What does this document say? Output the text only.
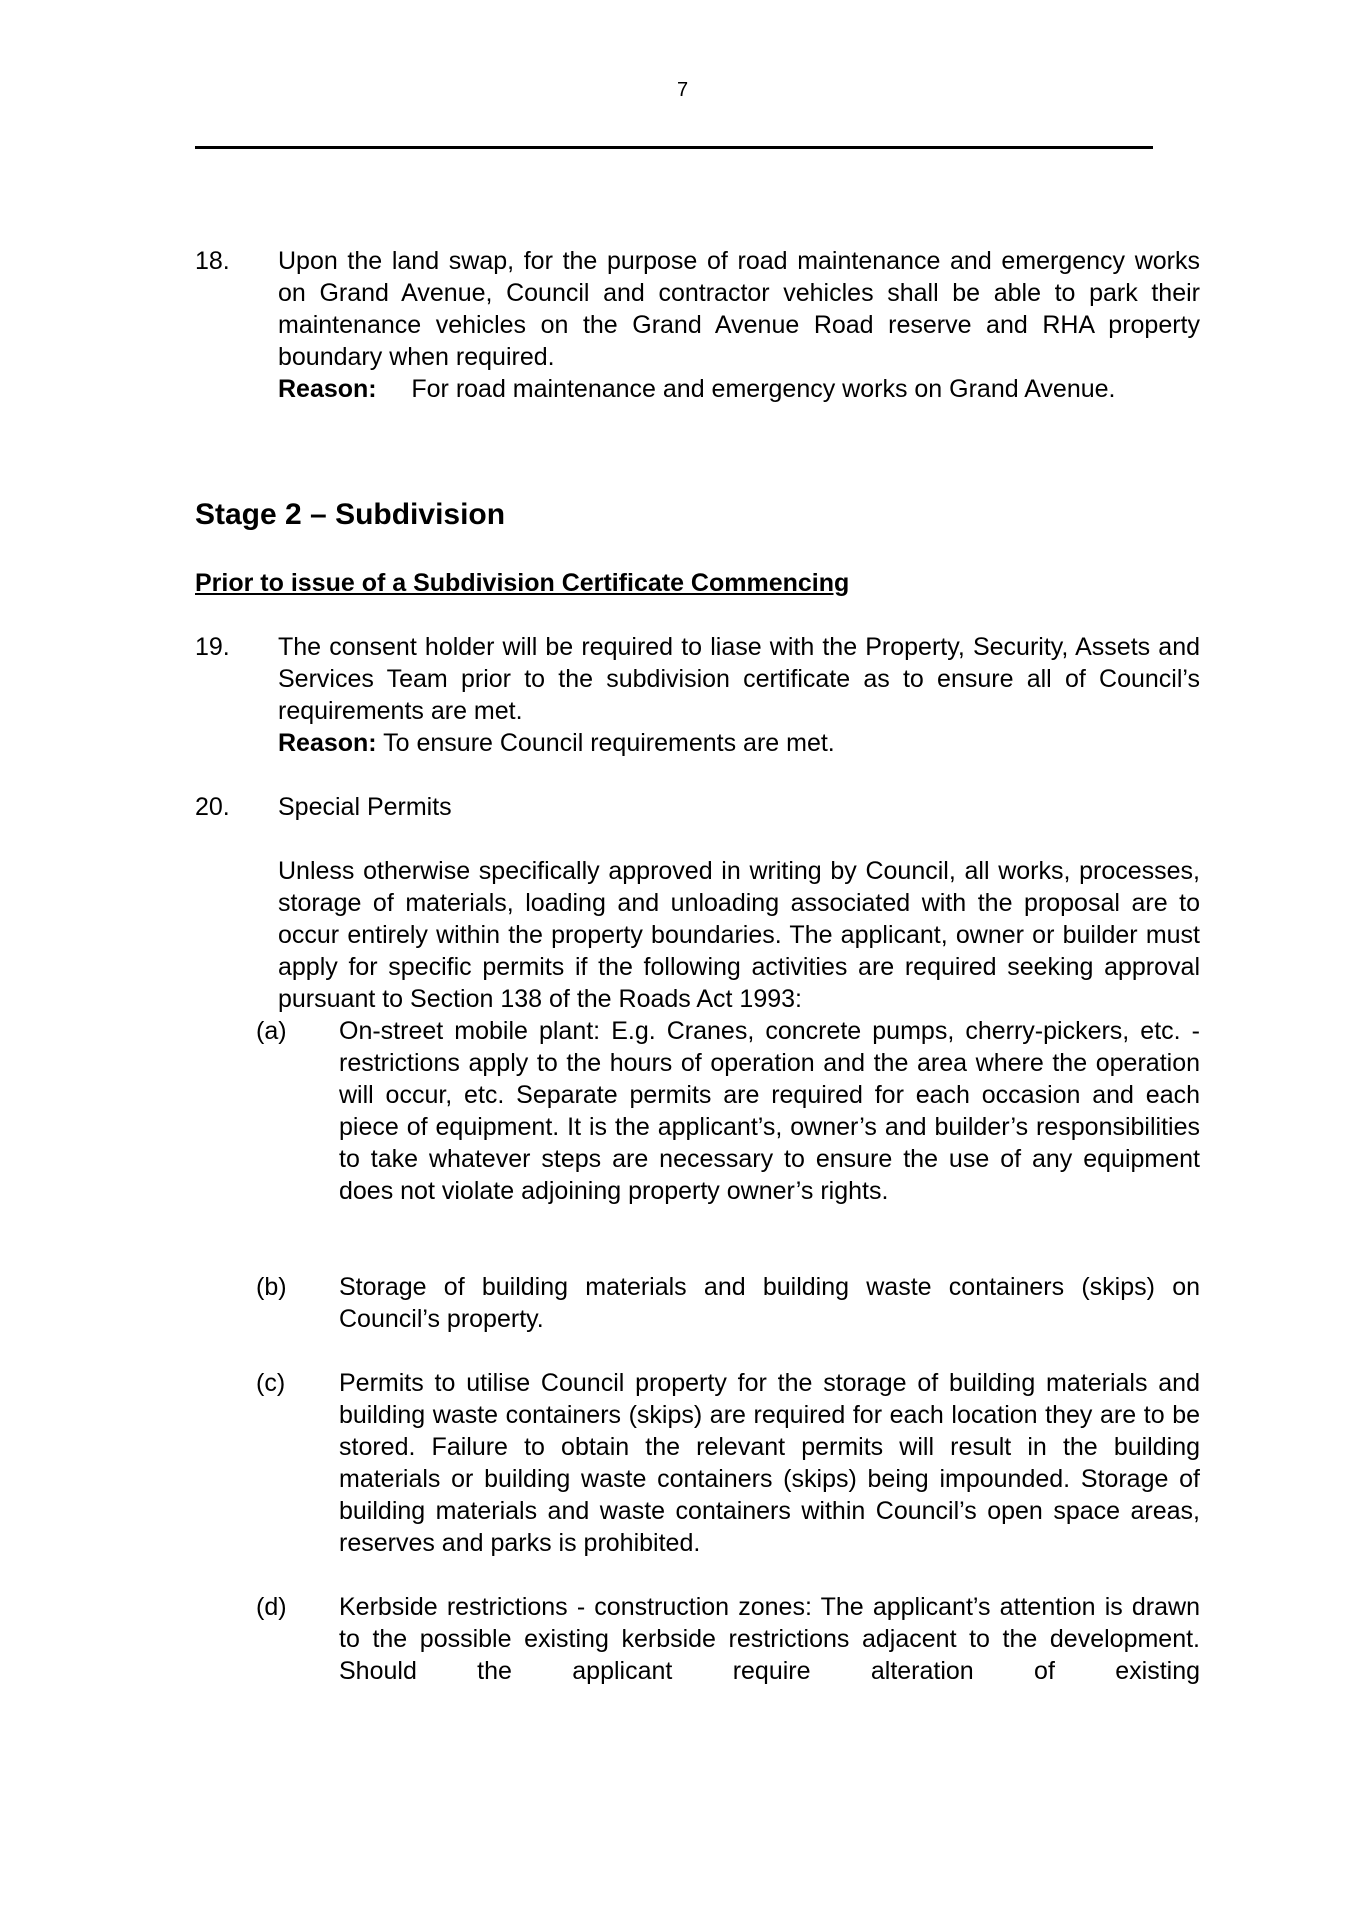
7
18.	Upon the land swap, for the purpose of road maintenance and emergency works on Grand Avenue, Council and contractor vehicles shall be able to park their maintenance vehicles on the Grand Avenue Road reserve and RHA property boundary when required.
Reason: For road maintenance and emergency works on Grand Avenue.
Stage 2 – Subdivision
Prior to issue of a Subdivision Certificate Commencing
19.	The consent holder will be required to liase with the Property, Security, Assets and Services Team prior to the subdivision certificate as to ensure all of Council’s requirements are met.
Reason: To ensure Council requirements are met.
20.	Special Permits
Unless otherwise specifically approved in writing by Council, all works, processes, storage of materials, loading and unloading associated with the proposal are to occur entirely within the property boundaries. The applicant, owner or builder must apply for specific permits if the following activities are required seeking approval pursuant to Section 138 of the Roads Act 1993:
(a)	On-street mobile plant: E.g. Cranes, concrete pumps, cherry-pickers, etc. - restrictions apply to the hours of operation and the area where the operation will occur, etc. Separate permits are required for each occasion and each piece of equipment. It is the applicant’s, owner’s and builder’s responsibilities to take whatever steps are necessary to ensure the use of any equipment does not violate adjoining property owner’s rights.
(b)	Storage of building materials and building waste containers (skips) on Council’s property.
(c)	Permits to utilise Council property for the storage of building materials and building waste containers (skips) are required for each location they are to be stored. Failure to obtain the relevant permits will result in the building materials or building waste containers (skips) being impounded. Storage of building materials and waste containers within Council’s open space areas, reserves and parks is prohibited.
(d)	Kerbside restrictions - construction zones: The applicant’s attention is drawn to the possible existing kerbside restrictions adjacent to the development. Should the applicant require alteration of existing
